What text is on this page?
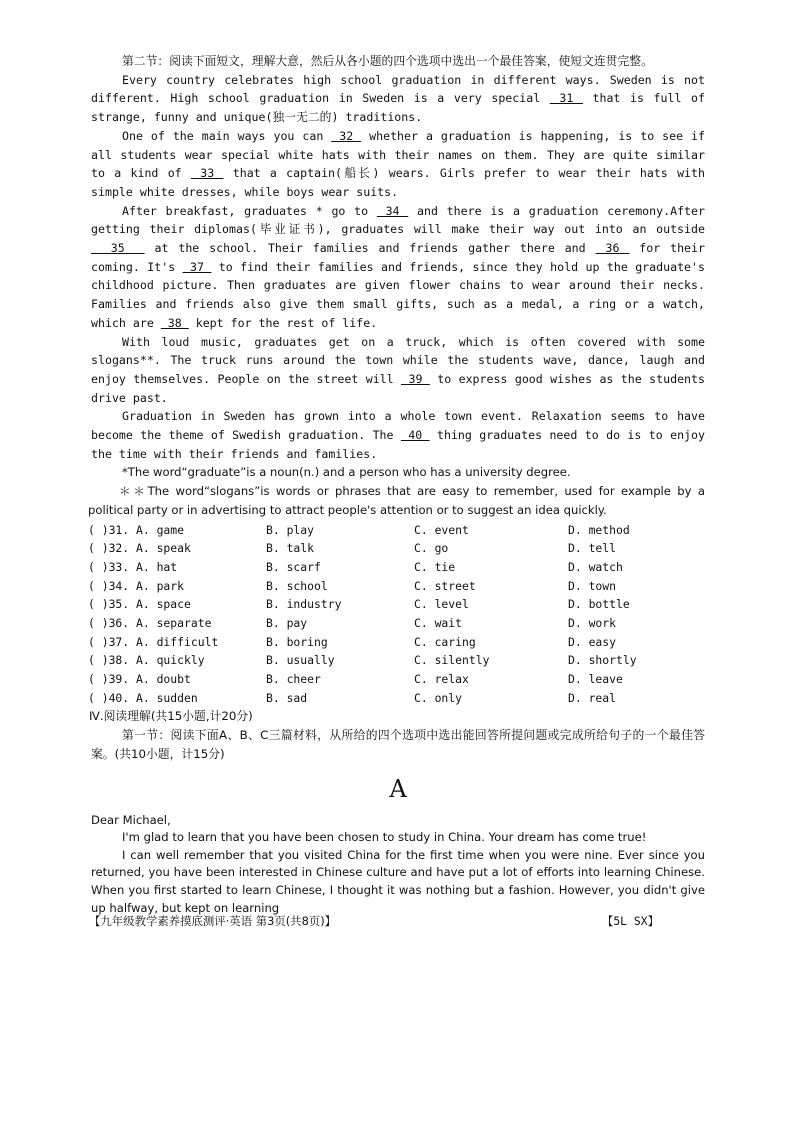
第二节：阅读下面短文，理解大意，然后从各小题的四个选项中选出一个最佳答案，使短文连贯完整。

Every country celebrates high school graduation in different ways. Sweden is not different. High school graduation in Sweden is a very special  31  that is full of strange, funny and unique(独一无二的) traditions.

One of the main ways you can  32  whether a graduation is happening, is to see if all students wear special white hats with their names on them. They are quite similar to a kind of  33  that a captain(船长) wears. Girls prefer to wear their hats with simple white dresses, while boys wear suits.

After breakfast, graduates * go to  34  and there is a graduation ceremony.After getting their diplomas(毕业证书), graduates will make their way out into an outside   35   at the school. Their families and friends gather there and  36  for their coming. It's  37  to find their families and friends, since they hold up the graduate's childhood picture. Then graduates are given flower chains to wear around their necks. Families and friends also give them small gifts, such as a medal, a ring or a watch, which are  38  kept for the rest of life.

With loud music, graduates get on a truck, which is often covered with some slogans**. The truck runs around the town while the students wave, dance, laugh and enjoy themselves. People on the street will  39  to express good wishes as the students drive past.

Graduation in Sweden has grown into a whole town event. Relaxation seems to have become the theme of Swedish graduation. The  40  thing graduates need to do is to enjoy the time with their friends and families.

*The word“graduate”is a noun(n.) and a person who has a university degree.

＊＊The word“slogans”is words or phrases that are easy to remember, used for example by a political party or in advertising to attract people's attention or to suggest an idea quickly.

( )31. A. game	B. play	C. event	D. method
( )32. A. speak	B. talk	C. go	D. tell
( )33. A. hat	B. scarf	C. tie	D. watch
( )34. A. park	B. school	C. street	D. town
( )35. A. space	B. industry	C. level	D. bottle
( )36. A. separate	B. pay	C. wait	D. work
( )37. A. difficult	B. boring	C. caring	D. easy
( )38. A. quickly	B. usually	C. silently	D. shortly
( )39. A. doubt	B. cheer	C. relax	D. leave
( )40. A. sudden	B. sad	C. only	D. real

Ⅳ.阅读理解(共15小题,计20分)

第一节：阅读下面A、B、C三篇材料，从所给的四个选项中选出能回答所提问题或完成所给句子的一个最佳答案。(共10小题，计15分)

A

Dear Michael,

I'm glad to learn that you have been chosen to study in China. Your dream has come true!

I can well remember that you visited China for the first time when you were nine. Ever since you returned, you have been interested in Chinese culture and have put a lot of efforts into learning Chinese. When you first started to learn Chinese, I thought it was nothing but a fashion. However, you didn't give up halfway, but kept on learning

【九年级教学素养摸底测评·英语 第3页(共8页)】	【5L SX】
